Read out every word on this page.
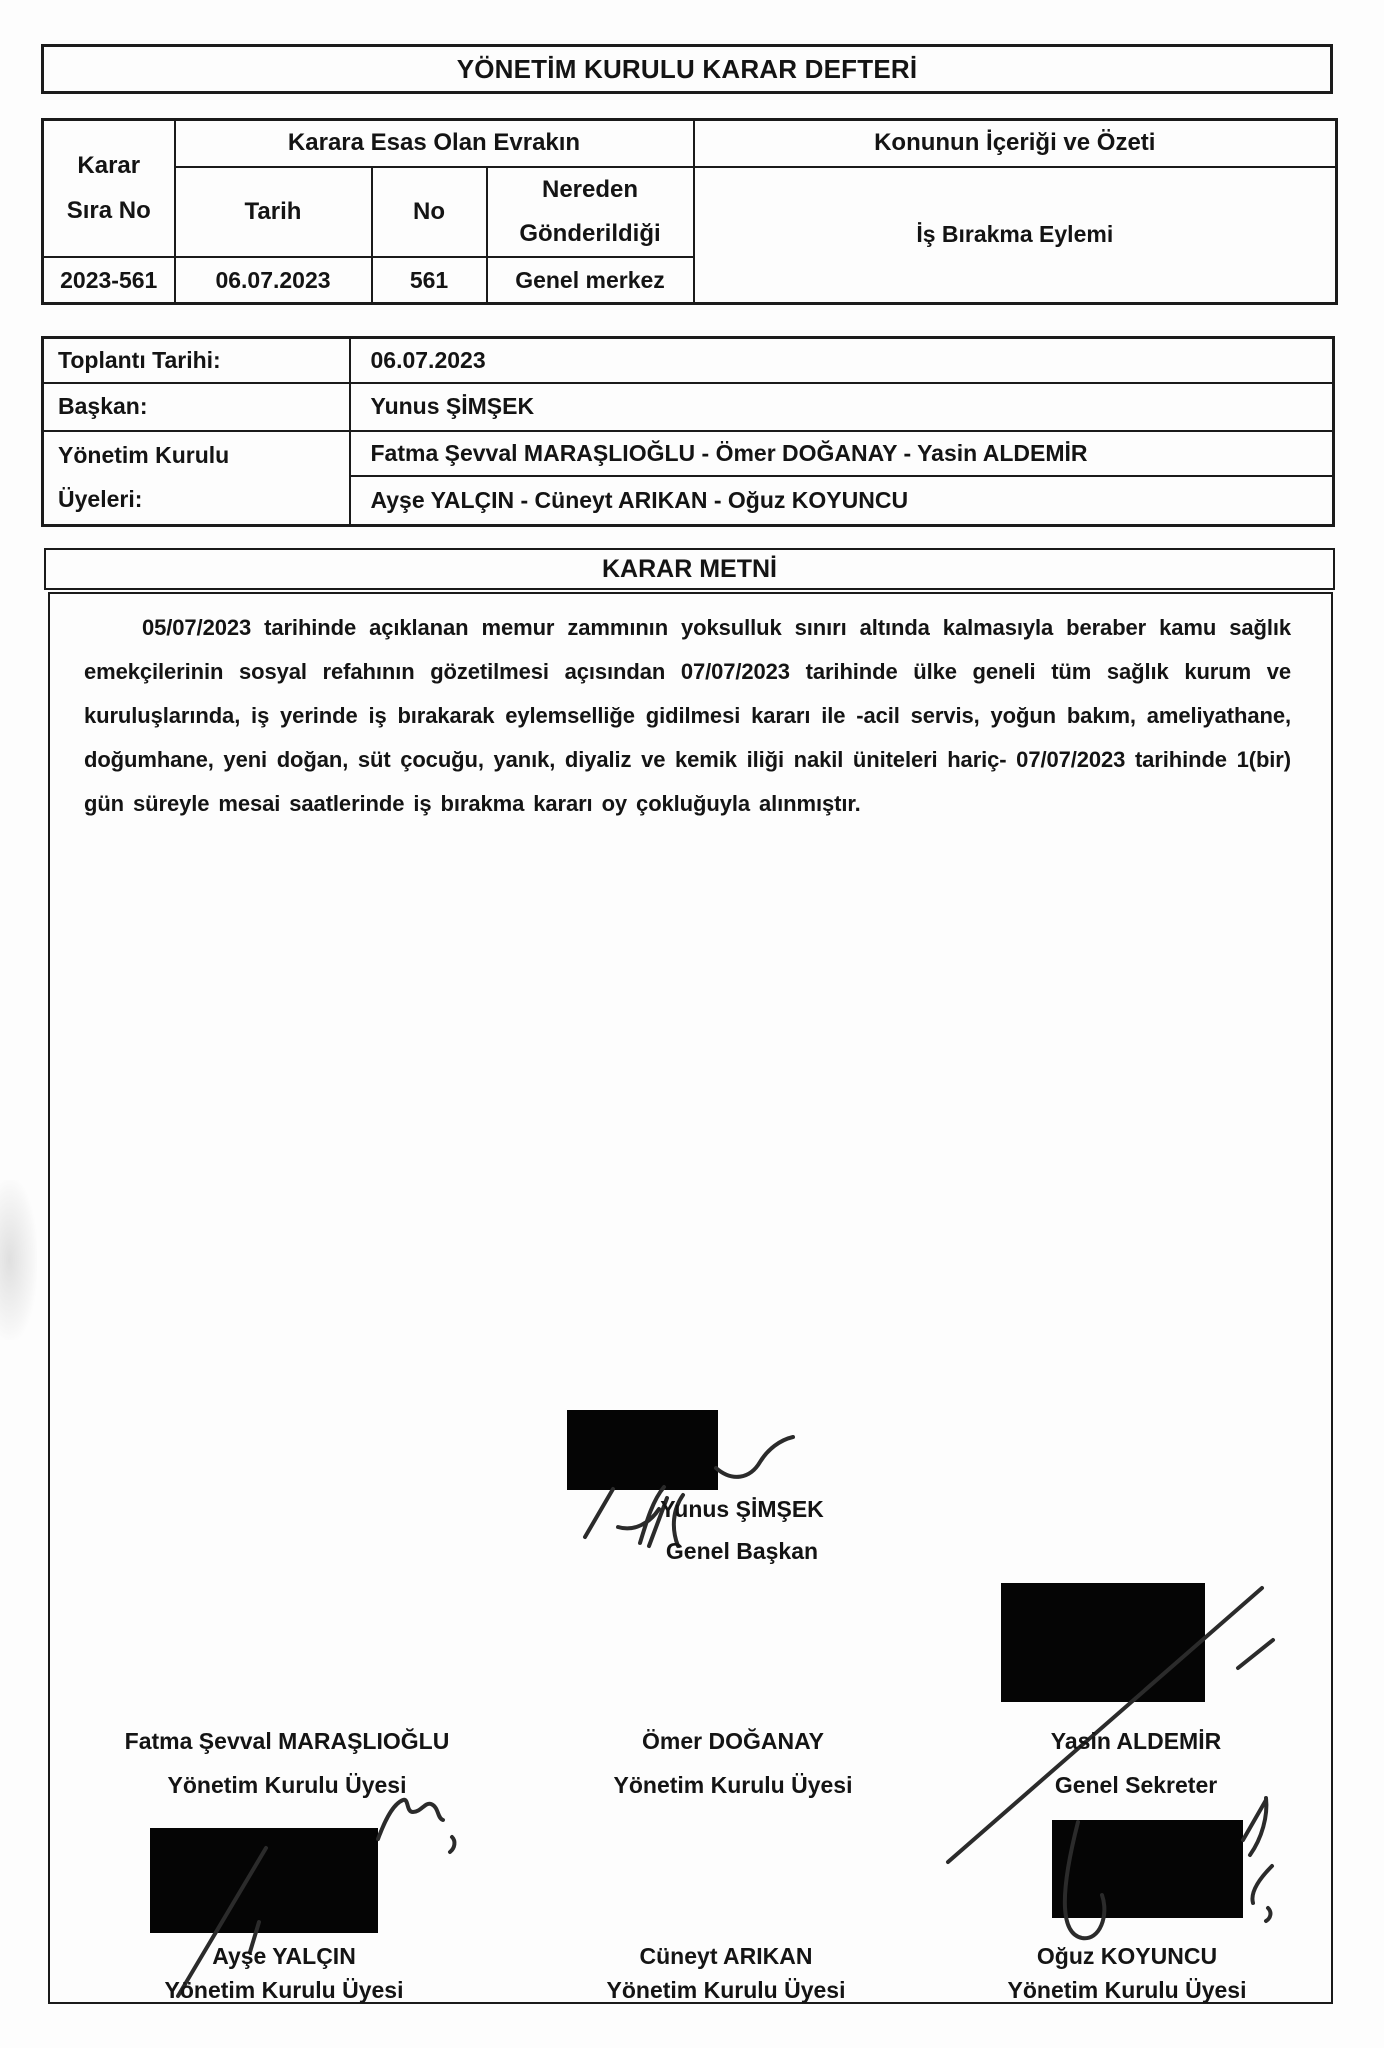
YÖNETİM KURULU KARAR DEFTERİ
Karar Sıra No	Karara Esas Olan Evrakın			Konunun İçeriği ve Özeti
	Tarih	No	Nereden Gönderildiği	İş Bırakma Eylemi
2023-561	06.07.2023	561	Genel merkez	
Toplantı Tarihi:	06.07.2023
Başkan:	Yunus ŞİMŞEK
Yönetim Kurulu Üyeleri:	Fatma Şevval MARAŞLIOĞLU - Ömer DOĞANAY - Yasin ALDEMİR
	Ayşe YALÇIN - Cüneyt ARIKAN - Oğuz KOYUNCU
KARAR METNİ

05/07/2023 tarihinde açıklanan memur zammının yoksulluk sınırı altında kalmasıyla beraber kamu sağlık emekçilerinin sosyal refahının gözetilmesi açısından 07/07/2023 tarihinde ülke geneli tüm sağlık kurum ve kuruluşlarında, iş yerinde iş bırakarak eylemselliğe gidilmesi kararı ile -acil servis, yoğun bakım, ameliyathane, doğumhane, yeni doğan, süt çocuğu, yanık, diyaliz ve kemik iliği nakil üniteleri hariç- 07/07/2023 tarihinde 1(bir) gün süreyle mesai saatlerinde iş bırakma kararı oy çokluğuyla alınmıştır.

Yunus ŞİMŞEK
Genel Başkan
Fatma Şevval MARAŞLIOĞLU
Yönetim Kurulu Üyesi
Ömer DOĞANAY
Yönetim Kurulu Üyesi
Yasin ALDEMİR
Genel Sekreter
Ayşe YALÇIN
Yönetim Kurulu Üyesi
Cüneyt ARIKAN
Yönetim Kurulu Üyesi
Oğuz KOYUNCU
Yönetim Kurulu Üyesi
